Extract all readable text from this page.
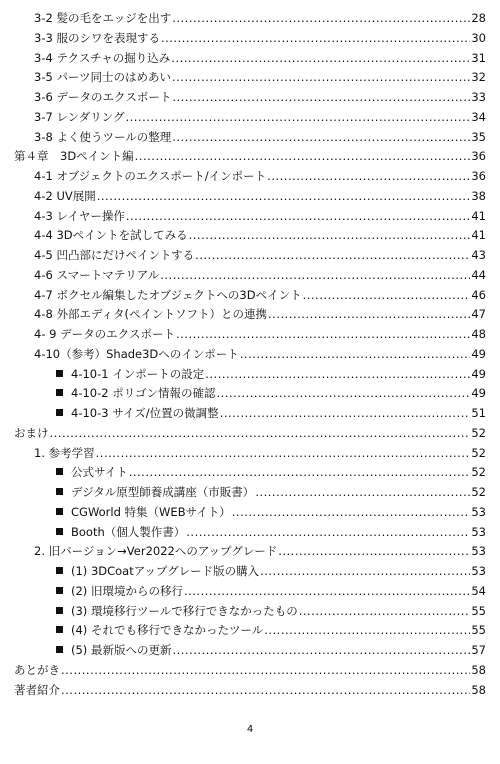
3-2 髪の毛をエッジを出す .....	28
3-3 服のシワを表現する .....	30
3-4 テクスチャの掘り込み .....	31
3-5 パーツ同士のはめあい .....	32
3-6 データのエクスポート .....	33
3-7 レンダリング .....	34
3-8 よく使うツールの整理 .....	35
第４章　3Dペイント編 .....	36
4-1 オブジェクトのエクスポート/インポート .....	36
4-2 UV展開 .....	38
4-3 レイヤー操作 .....	41
4-4 3Dペイントを試してみる .....	41
4-5 凹凸部にだけペイントする .....	43
4-6 スマートマテリアル .....	44
4-7 ボクセル編集したオブジェクトへの3Dペイント .....	46
4-8 外部エディタ(ペイントソフト）との連携 .....	47
4- 9 データのエクスポート .....	48
4-10（参考）Shade3Dへのインポート .....	49
4-10-1 インポートの設定 .....	49
4-10-2 ポリゴン情報の確認 .....	49
4-10-3 サイズ/位置の微調整 .....	51
おまけ .....	52
1. 参考学習 .....	52
公式サイト .....	52
デジタル原型師養成講座（市販書） .....	52
CGWorld 特集（WEBサイト） .....	53
Booth（個人製作書） .....	53
2. 旧バージョン→Ver2022へのアップグレード .....	53
(1) 3DCoatアップグレード版の購入 .....	53
(2) 旧環境からの移行 .....	54
(3) 環境移行ツールで移行できなかったもの .....	55
(4) それでも移行できなかったツール .....	55
(5) 最新版への更新 .....	57
あとがき .....	58
著者紹介 .....	58
4
